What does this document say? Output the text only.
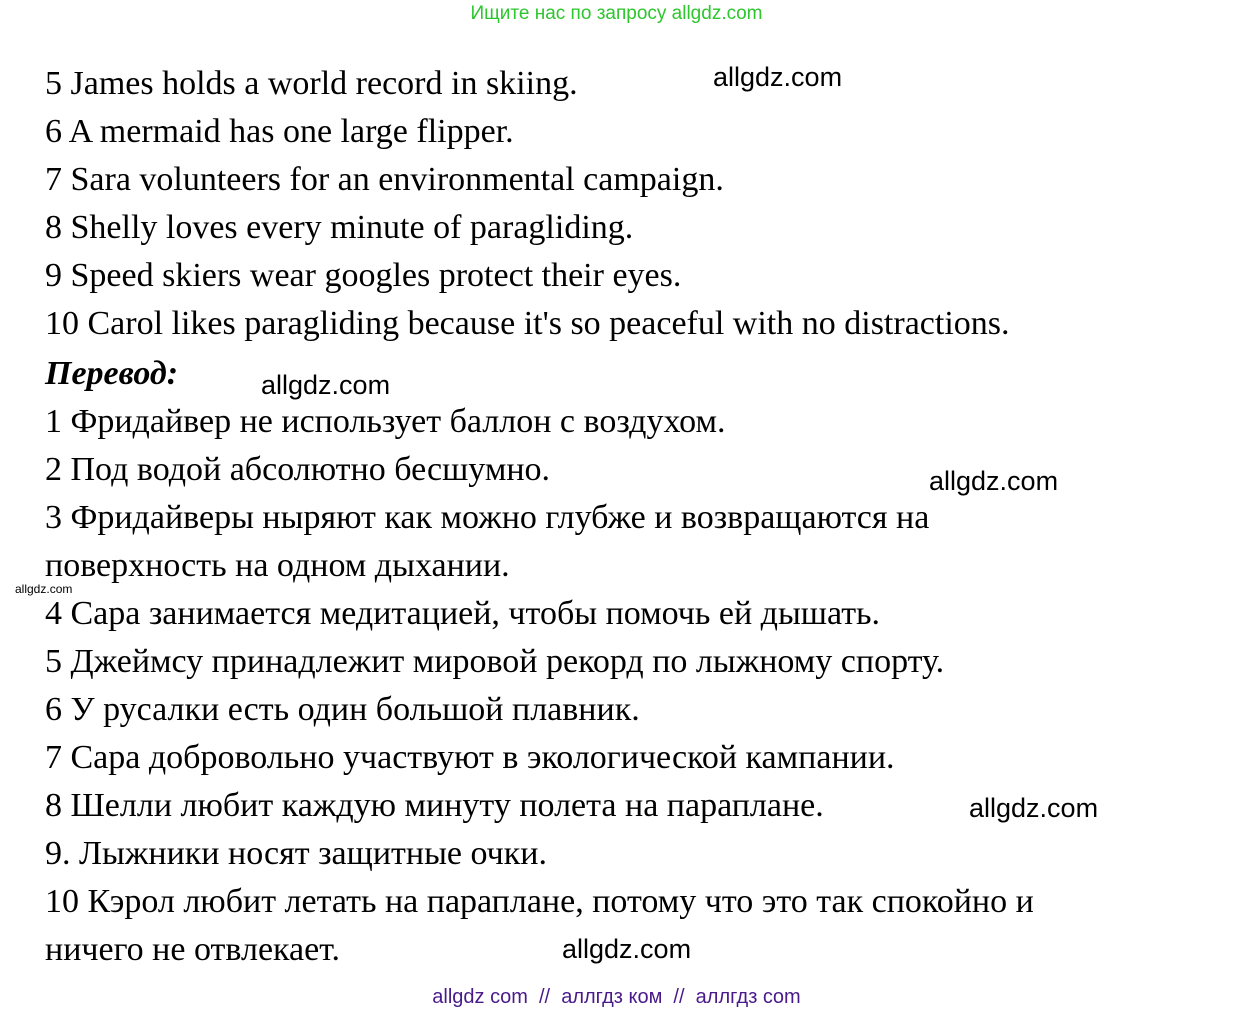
Ищите нас по запросу allgdz.com
5 James holds a world record in skiing.
6 A mermaid has one large flipper.
7 Sara volunteers for an environmental campaign.
8 Shelly loves every minute of paragliding.
9 Speed skiers wear googles protect their eyes.
10 Carol likes paragliding because it's so peaceful with no distractions.
Перевод:
1 Фридайвер не использует баллон с воздухом.
2 Под водой абсолютно бесшумно.
3 Фридайверы ныряют как можно глубже и возвращаются на
поверхность на одном дыхании.
4 Сара занимается медитацией, чтобы помочь ей дышать.
5 Джеймсу принадлежит мировой рекорд по лыжному спорту.
6 У русалки есть один большой плавник.
7 Сара добровольно участвуют в экологической кампании.
8 Шелли любит каждую минуту полета на параплане.
9. Лыжники носят защитные очки.
10 Кэрол любит летать на параплане, потому что это так спокойно и
ничего не отвлекает.
allgdz.com
allgdz.com
allgdz.com
allgdz.com
allgdz.com
allgdz.com
allgdz com  //  аллгдз ком  //  аллгдз com
